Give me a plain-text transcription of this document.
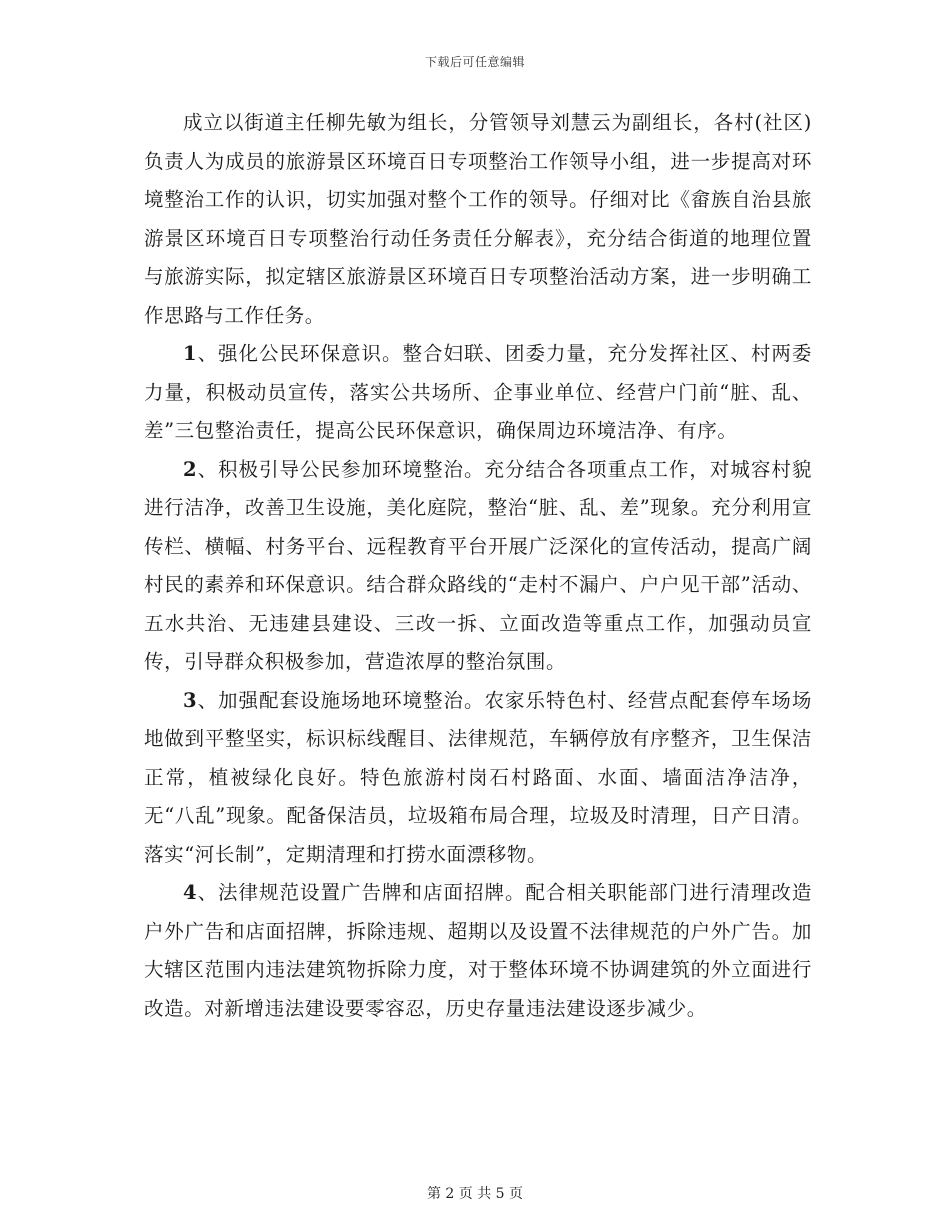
下载后可任意编辑

成立以街道主任柳先敏为组长，分管领导刘慧云为副组长，各村(社区)负责人为成员的旅游景区环境百日专项整治工作领导小组，进一步提高对环境整治工作的认识，切实加强对整个工作的领导。仔细对比《畲族自治县旅游景区环境百日专项整治行动任务责任分解表》，充分结合街道的地理位置与旅游实际，拟定辖区旅游景区环境百日专项整治活动方案，进一步明确工作思路与工作任务。

1、强化公民环保意识。整合妇联、团委力量，充分发挥社区、村两委力量，积极动员宣传，落实公共场所、企事业单位、经营户门前“脏、乱、差”三包整治责任，提高公民环保意识，确保周边环境洁净、有序。

2、积极引导公民参加环境整治。充分结合各项重点工作，对城容村貌进行洁净，改善卫生设施，美化庭院，整治“脏、乱、差”现象。充分利用宣传栏、横幅、村务平台、远程教育平台开展广泛深化的宣传活动，提高广阔村民的素养和环保意识。结合群众路线的“走村不漏户、户户见干部”活动、五水共治、无违建县建设、三改一拆、立面改造等重点工作，加强动员宣传，引导群众积极参加，营造浓厚的整治氛围。

3、加强配套设施场地环境整治。农家乐特色村、经营点配套停车场场地做到平整坚实，标识标线醒目、法律规范，车辆停放有序整齐，卫生保洁正常，植被绿化良好。特色旅游村岗石村路面、水面、墙面洁净洁净，无“八乱”现象。配备保洁员，垃圾箱布局合理，垃圾及时清理，日产日清。落实“河长制”，定期清理和打捞水面漂移物。

4、法律规范设置广告牌和店面招牌。配合相关职能部门进行清理改造户外广告和店面招牌，拆除违规、超期以及设置不法律规范的户外广告。加大辖区范围内违法建筑物拆除力度，对于整体环境不协调建筑的外立面进行改造。对新增违法建设要零容忍，历史存量违法建设逐步减少。

第 2 页 共 5 页
